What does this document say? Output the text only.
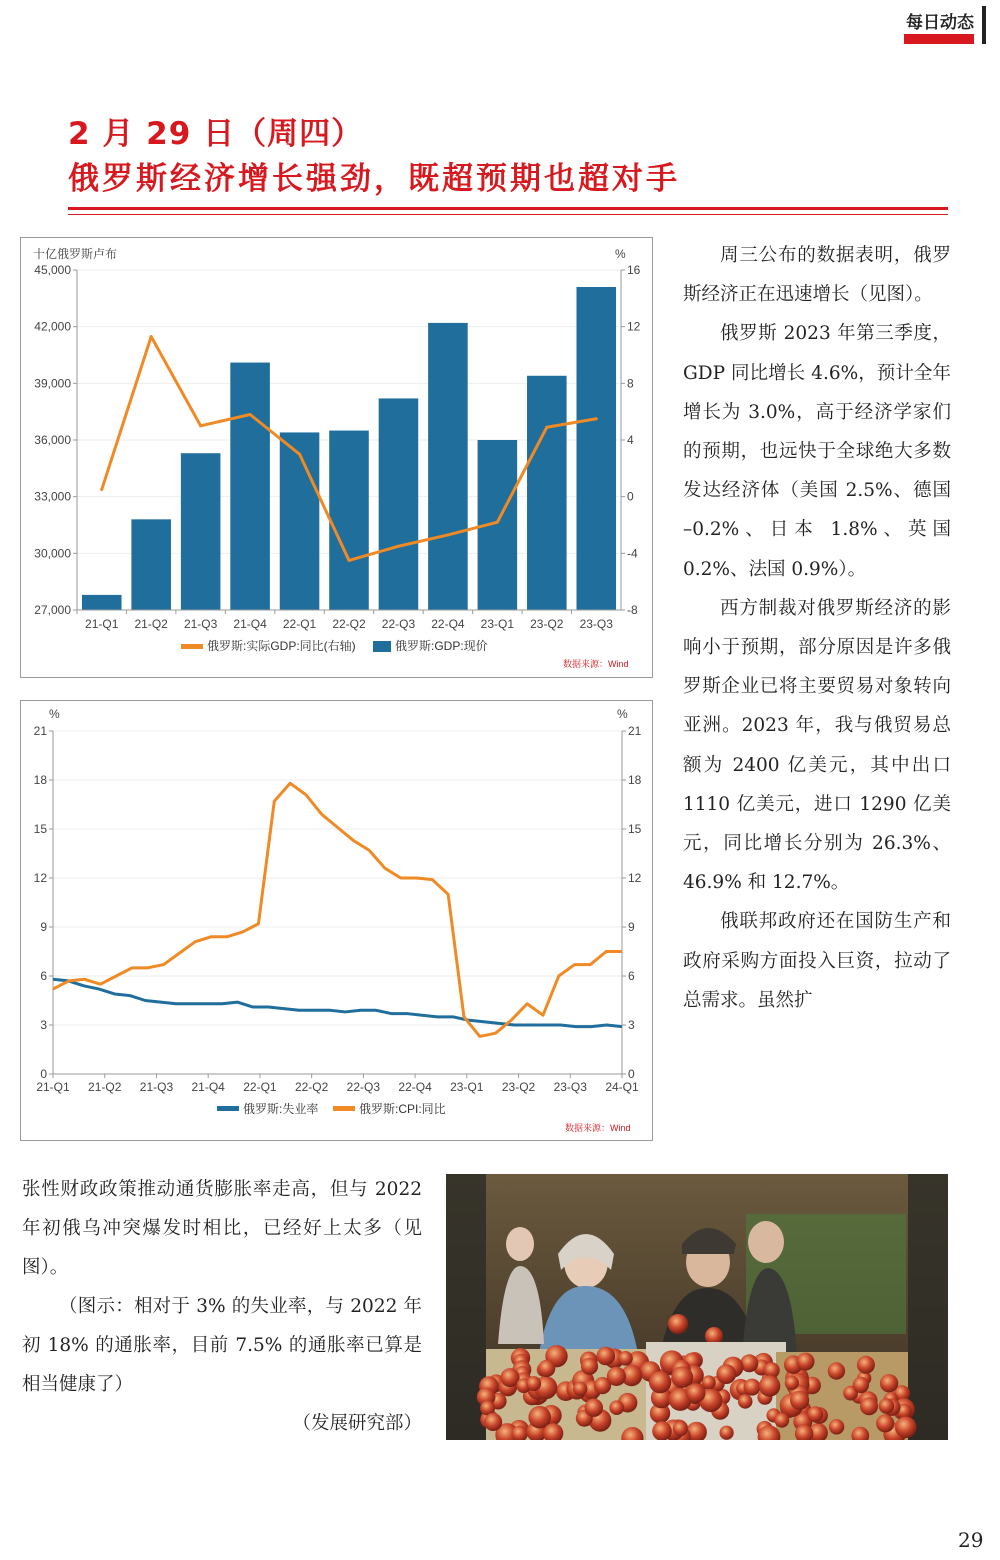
每日动态
2 月 29 日（周四）
俄罗斯经济增长强劲，既超预期也超对手
27,000
30,000
33,000
36,000
39,000
42,000
45,000
-8
-4
0
4
8
12
16
21-Q1 21-Q2 21-Q3 21-Q4 22-Q1 22-Q2 22-Q3 22-Q4 23-Q1 23-Q2 23-Q3
十亿俄罗斯卢布	%
俄罗斯:实际GDP:同比(右轴)	俄罗斯:GDP:现价
数据来源：Wind
0
3
6
9
12
15
18
21
0
3
6
9
12
15
18
21
21-Q1 21-Q2 21-Q3 21-Q4 22-Q1 22-Q2 22-Q3 22-Q4 23-Q1 23-Q2 23-Q3 24-Q1
%	%
俄罗斯:失业率	俄罗斯:CPI:同比
数据来源：Wind

周三公布的数据表明，俄罗斯经济正在迅速增长（见图）。

俄罗斯 2023 年第三季度，GDP 同比增长 4.6%，预计全年增长为 3.0%，高于经济学家们的预期，也远快于全球绝大多数发达经济体（美国 2.5%、德国 –0.2%、日本 1.8%、英国 0.2%、法国 0.9%）。

西方制裁对俄罗斯经济的影响小于预期，部分原因是许多俄罗斯企业已将主要贸易对象转向亚洲。2023 年，我与俄贸易总额为 2400 亿美元，其中出口 1110 亿美元，进口 1290 亿美元，同比增长分别为 26.3%、46.9% 和 12.7%。

俄联邦政府还在国防生产和政府采购方面投入巨资，拉动了总需求。虽然扩

张性财政政策推动通货膨胀率走高，但与 2022 年初俄乌冲突爆发时相比，已经好上太多（见图）。

（图示：相对于 3% 的失业率，与 2022 年初 18% 的通胀率，目前 7.5% 的通胀率已算是相当健康了）

（发展研究部）

29
